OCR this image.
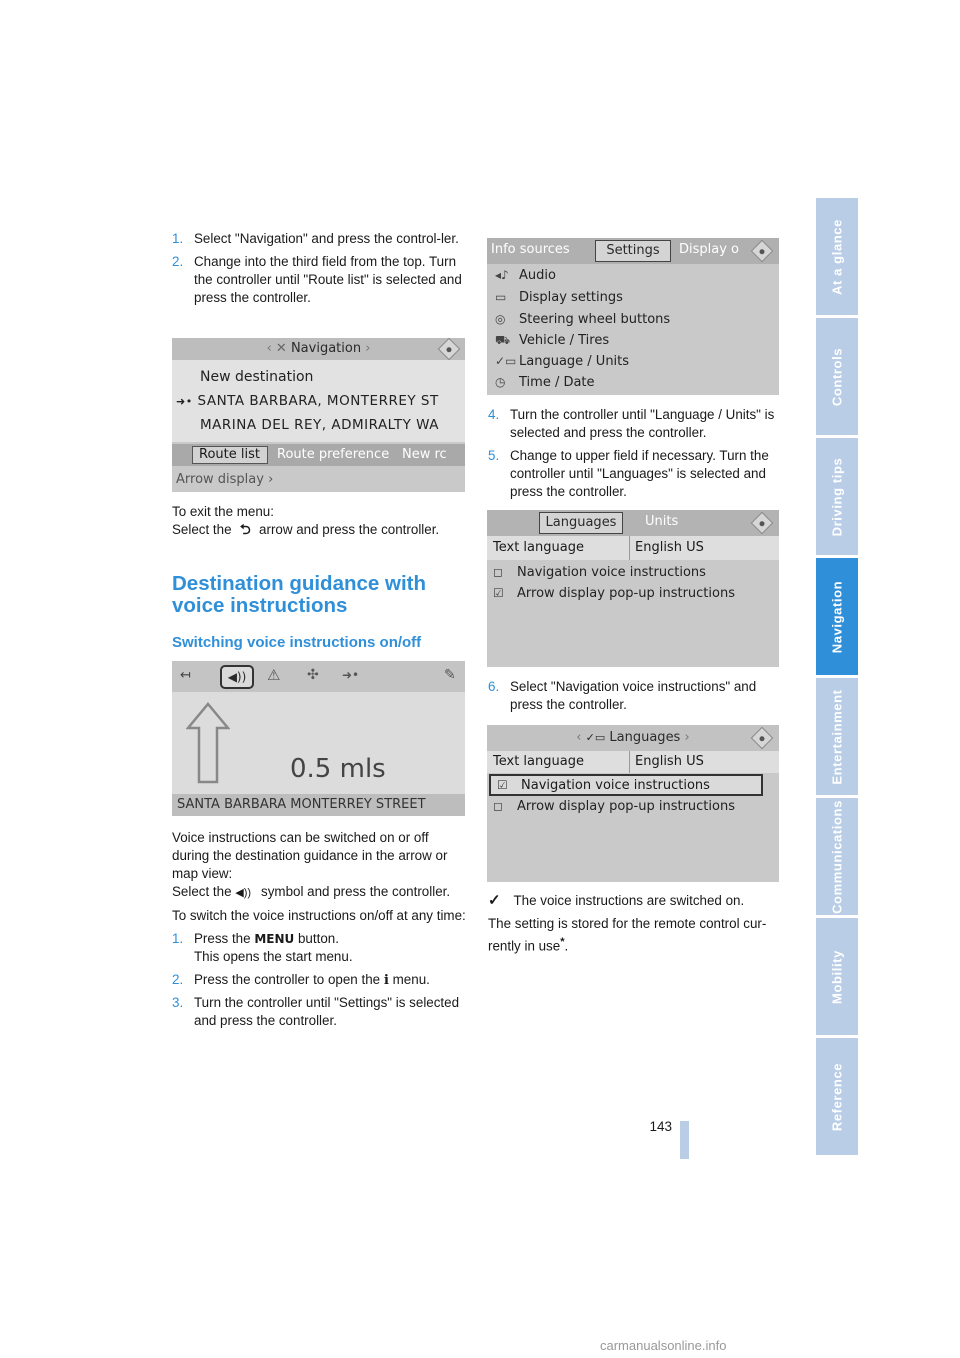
1. Select "Navigation" and press the control-ler.
2. Change into the third field from the top. Turn the controller until "Route list" is selected and press the controller.
‹ ✕ Navigation ›
New destination
➜• SANTA BARBARA, MONTERREY ST
MARINA DEL REY, ADMIRALTY WA
Route list	Route preference New rc
Arrow display ›

To exit the menu:

Select the ⮌ arrow and press the controller.

Destination guidance with
voice instructions
Switching voice instructions on/off
↤	◀))	⚠ ✣ ➜•	✎
0.5 mls
SANTA BARBARA MONTERREY STREET

Voice instructions can be switched on or off during the destination guidance in the arrow or map view:

Select the ◀)) symbol and press the controller.

To switch the voice instructions on/off at any time:

1. Press the MENU button.
This opens the start menu.
2. Press the controller to open the i menu.
3. Turn the controller until "Settings" is selected and press the controller.
Info sources	Settings	Display o
◂♪ Audio
▭ Display settings
◎ Steering wheel buttons
⛟ Vehicle / Tires
✓▭ Language / Units
◷ Time / Date
4. Turn the controller until "Language / Units" is selected and press the controller.
5. Change to upper field if necessary. Turn the controller until "Languages" is selected and press the controller.
Languages	Units
Text language	English US
◻ Navigation voice instructions
☑ Arrow display pop-up instructions
6. Select "Navigation voice instructions" and press the controller.
‹ ✓▭ Languages ›
Text language	English US
☑ Navigation voice instructions
◻ Arrow display pop-up instructions

✓ The voice instructions are switched on.

The setting is stored for the remote control cur-rently in use*.

At a glance
Controls
Driving tips
Navigation
Entertainment
Communications
Mobility
Reference
143
carmanualsonline.info
